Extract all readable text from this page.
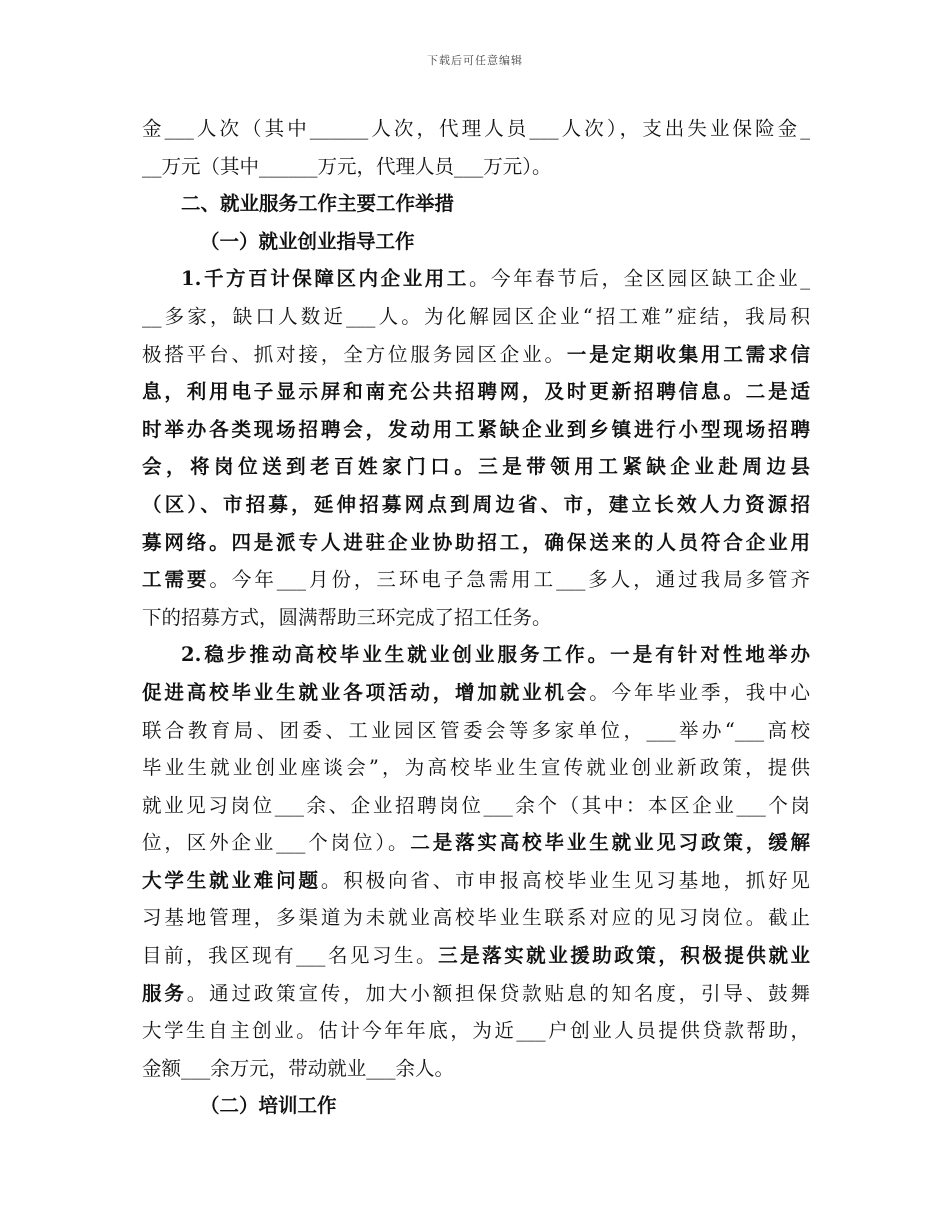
下载后可任意编辑
金___人次（其中______人次，代理人员___人次），支出失业保险金_
__万元（其中______万元，代理人员___万元）。
二、就业服务工作主要工作举措
（一）就业创业指导工作
1.千方百计保障区内企业用工。今年春节后，全区园区缺工企业_
__多家，缺口人数近___人。为化解园区企业“招工难”症结，我局积
极搭平台、抓对接，全方位服务园区企业。一是定期收集用工需求信
息，利用电子显示屏和南充公共招聘网，及时更新招聘信息。二是适
时举办各类现场招聘会，发动用工紧缺企业到乡镇进行小型现场招聘
会，将岗位送到老百姓家门口。三是带领用工紧缺企业赴周边县
（区）、市招募，延伸招募网点到周边省、市，建立长效人力资源招
募网络。四是派专人进驻企业协助招工，确保送来的人员符合企业用
工需要。今年___月份，三环电子急需用工___多人，通过我局多管齐
下的招募方式，圆满帮助三环完成了招工任务。
2.稳步推动高校毕业生就业创业服务工作。一是有针对性地举办
促进高校毕业生就业各项活动，增加就业机会。今年毕业季，我中心
联合教育局、团委、工业园区管委会等多家单位，___举办“___高校
毕业生就业创业座谈会”，为高校毕业生宣传就业创业新政策，提供
就业见习岗位___余、企业招聘岗位___余个（其中：本区企业___个岗
位，区外企业___个岗位）。二是落实高校毕业生就业见习政策，缓解
大学生就业难问题。积极向省、市申报高校毕业生见习基地，抓好见
习基地管理，多渠道为未就业高校毕业生联系对应的见习岗位。截止
目前，我区现有___名见习生。三是落实就业援助政策，积极提供就业
服务。通过政策宣传，加大小额担保贷款贴息的知名度，引导、鼓舞
大学生自主创业。估计今年年底，为近___户创业人员提供贷款帮助，
金额___余万元，带动就业___余人。
（二）培训工作
